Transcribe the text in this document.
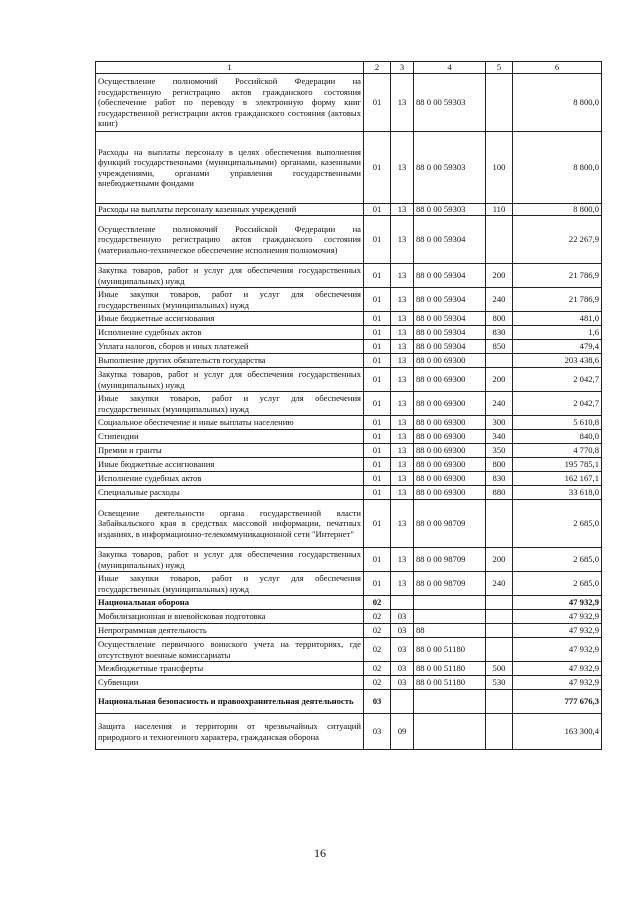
1	2	3	4	5	6
Осуществление полномочий Российской Федерации на государственную регистрацию актов гражданского состояния (обеспечение работ по переводу в электронную форму книг государственной регистрации актов гражданского состояния (актовых книг)	01	13	88 0 00 59303		8 800,0
Расходы на выплаты персоналу в целях обеспечения выполнения функций государственными (муниципальными) органами, казенными учреждениями, органами управления государственными внебюджетными фондами	01	13	88 0 00 59303	100	8 800,0
Расходы на выплаты персоналу казенных учреждений	01	13	88 0 00 59303	110	8 800,0
Осуществление полномочий Российской Федерации на государственную регистрацию актов гражданского состояния (материально-техническое обеспечение исполнения полномочия)	01	13	88 0 00 59304		22 267,9
Закупка товаров, работ и услуг для обеспечения государственных (муниципальных) нужд	01	13	88 0 00 59304	200	21 786,9
Иные закупки товаров, работ и услуг для обеспечения государственных (муниципальных) нужд	01	13	88 0 00 59304	240	21 786,9
Иные бюджетные ассигнования	01	13	88 0 00 59304	800	481,0
Исполнение судебных актов	01	13	88 0 00 59304	830	1,6
Уплата налогов, сборов и иных платежей	01	13	88 0 00 59304	850	479,4
Выполнение других обязательств государства	01	13	88 0 00 69300		203 438,6
Закупка товаров, работ и услуг для обеспечения государственных (муниципальных) нужд	01	13	88 0 00 69300	200	2 042,7
Иные закупки товаров, работ и услуг для обеспечения государственных (муниципальных) нужд	01	13	88 0 00 69300	240	2 042,7
Социальное обеспечение и иные выплаты населению	01	13	88 0 00 69300	300	5 610,8
Стипендии	01	13	88 0 00 69300	340	840,0
Премии и гранты	01	13	88 0 00 69300	350	4 770,8
Иные бюджетные ассигнования	01	13	88 0 00 69300	800	195 785,1
Исполнение судебных актов	01	13	88 0 00 69300	830	162 167,1
Специальные расходы	01	13	88 0 00 69300	880	33 618,0
Освещение деятельности органа государственной власти Забайкальского края в средствах массовой информации, печатных изданиях, в информационно-телекоммуникационной сети "Интернет"	01	13	88 0 00 98709		2 685,0
Закупка товаров, работ и услуг для обеспечения государственных (муниципальных) нужд	01	13	88 0 00 98709	200	2 685,0
Иные закупки товаров, работ и услуг для обеспечения государственных (муниципальных) нужд	01	13	88 0 00 98709	240	2 685,0
Национальная оборона	02				47 932,9
Мобилизационная и вневойсковая подготовка	02	03			47 932,9
Непрограммная деятельность	02	03	88		47 932,9
Осуществление первичного воинского учета на территориях, где отсутствуют военные комиссариаты	02	03	88 0 00 51180		47 932,9
Межбюджетные трансферты	02	03	88 0 00 51180	500	47 932,9
Субвенции	02	03	88 0 00 51180	530	47 932,9
Национальная безопасность и правоохранительная деятельность	03				777 676,3
Защита населения и территории от чрезвычайных ситуаций природного и техногенного характера, гражданская оборона	03	09			163 300,4
16
